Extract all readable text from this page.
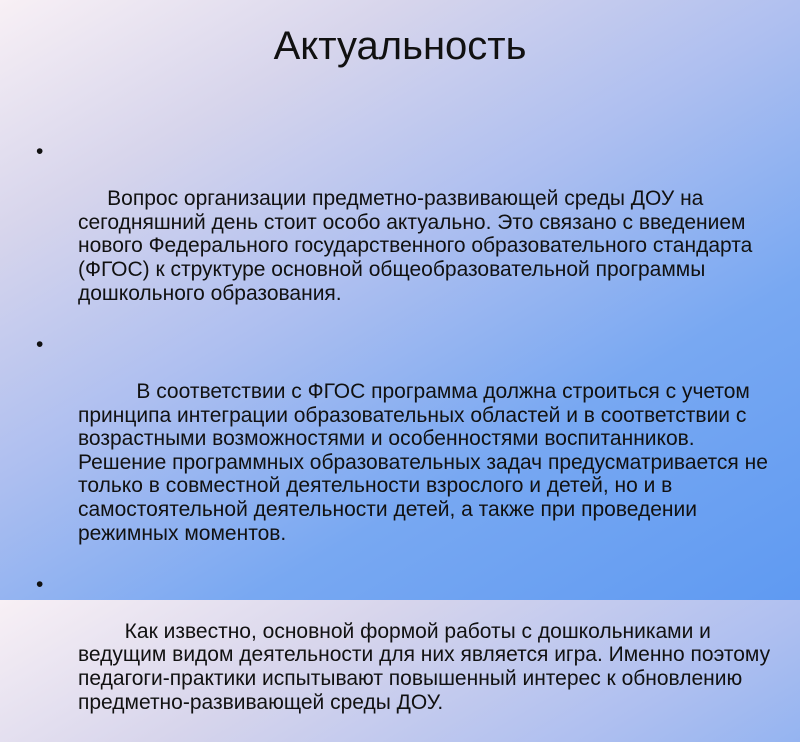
Актуальность

•

Вопрос организации предметно-развивающей среды ДОУ на сегодняшний день стоит особо актуально. Это связано с введением нового Федерального государственного образовательного стандарта (ФГОС) к структуре основной общеобразовательной программы дошкольного образования.

•

В соответствии с ФГОС программа должна строиться с учетом принципа интеграции образовательных областей и в соответствии с возрастными возможностями и особенностями воспитанников. Решение программных образовательных задач предусматривается не только в совместной деятельности взрослого и детей, но и в самостоятельной деятельности детей, а также при проведении режимных моментов.

•

Как известно, основной формой работы с дошкольниками и ведущим видом деятельности для них является игра. Именно поэтому педагоги-практики испытывают повышенный интерес к обновлению предметно-развивающей среды ДОУ.
